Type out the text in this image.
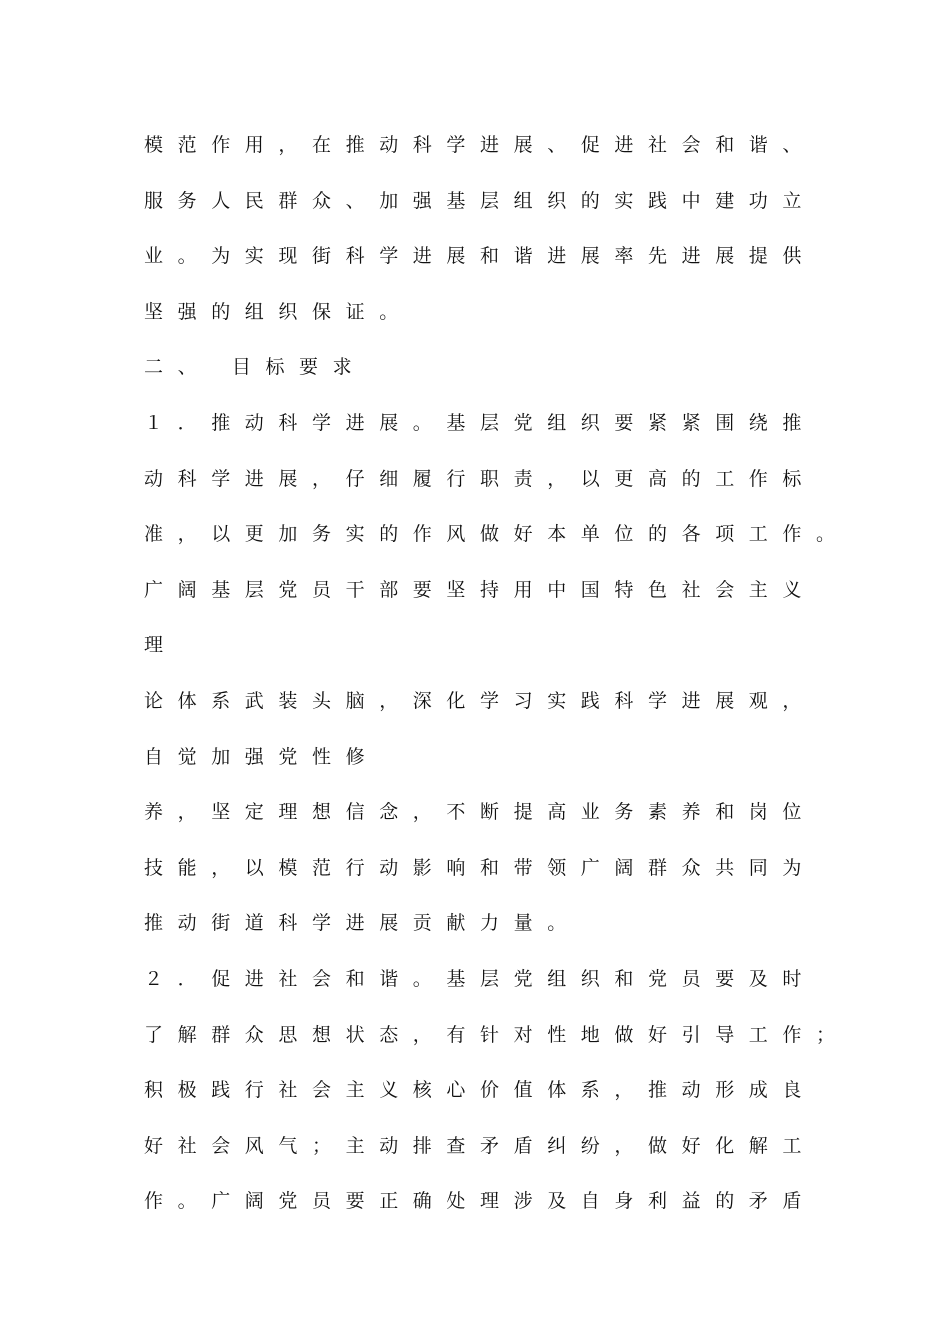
模范作用，在推动科学进展、促进社会和谐、
服务人民群众、加强基层组织的实践中建功立
业。为实现街科学进展和谐进展率先进展提供
坚强的组织保证。
二、 目标要求
１．推动科学进展。基层党组织要紧紧围绕推
动科学进展，仔细履行职责，以更高的工作标
准，以更加务实的作风做好本单位的各项工作。
广阔基层党员干部要坚持用中国特色社会主义
理
论体系武装头脑，深化学习实践科学进展观，
自觉加强党性修
养，坚定理想信念，不断提高业务素养和岗位
技能，以模范行动影响和带领广阔群众共同为
推动街道科学进展贡献力量。
２．促进社会和谐。基层党组织和党员要及时
了解群众思想状态，有针对性地做好引导工作；
积极践行社会主义核心价值体系，推动形成良
好社会风气；主动排查矛盾纠纷，做好化解工
作。广阔党员要正确处理涉及自身利益的矛盾
